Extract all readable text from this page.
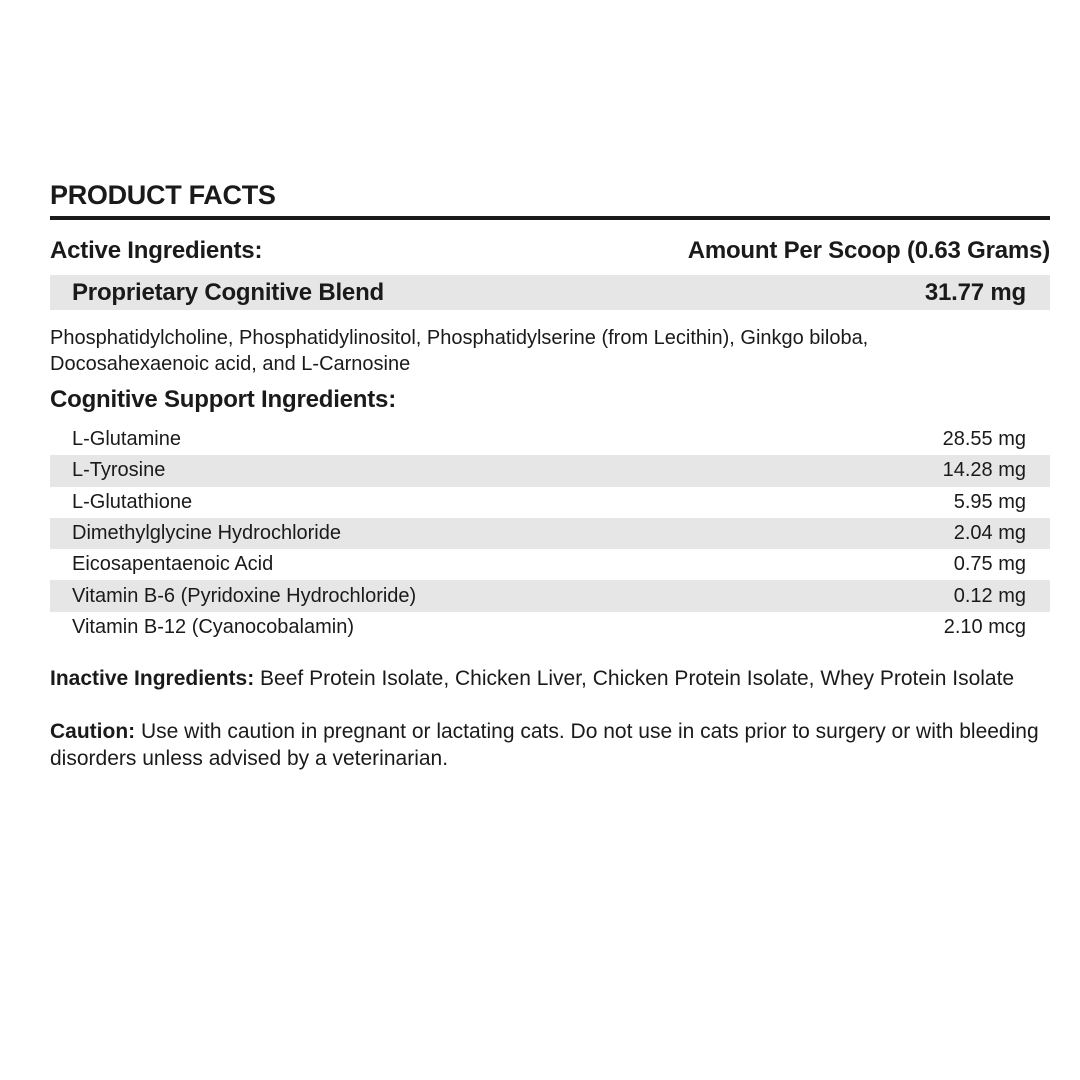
PRODUCT FACTS
Active Ingredients:	Amount Per Scoop (0.63 Grams)
Proprietary Cognitive Blend	31.77 mg
Phosphatidylcholine, Phosphatidylinositol, Phosphatidylserine (from Lecithin), Ginkgo biloba, Docosahexaenoic acid, and L-Carnosine
Cognitive Support Ingredients:
L-Glutamine	28.55 mg
L-Tyrosine	14.28 mg
L-Glutathione	5.95 mg
Dimethylglycine Hydrochloride	2.04 mg
Eicosapentaenoic Acid	0.75 mg
Vitamin B-6 (Pyridoxine Hydrochloride)	0.12 mg
Vitamin B-12 (Cyanocobalamin)	2.10 mcg
Inactive Ingredients: Beef Protein Isolate, Chicken Liver, Chicken Protein Isolate, Whey Protein Isolate
Caution: Use with caution in pregnant or lactating cats. Do not use in cats prior to surgery or with bleeding disorders unless advised by a veterinarian.
